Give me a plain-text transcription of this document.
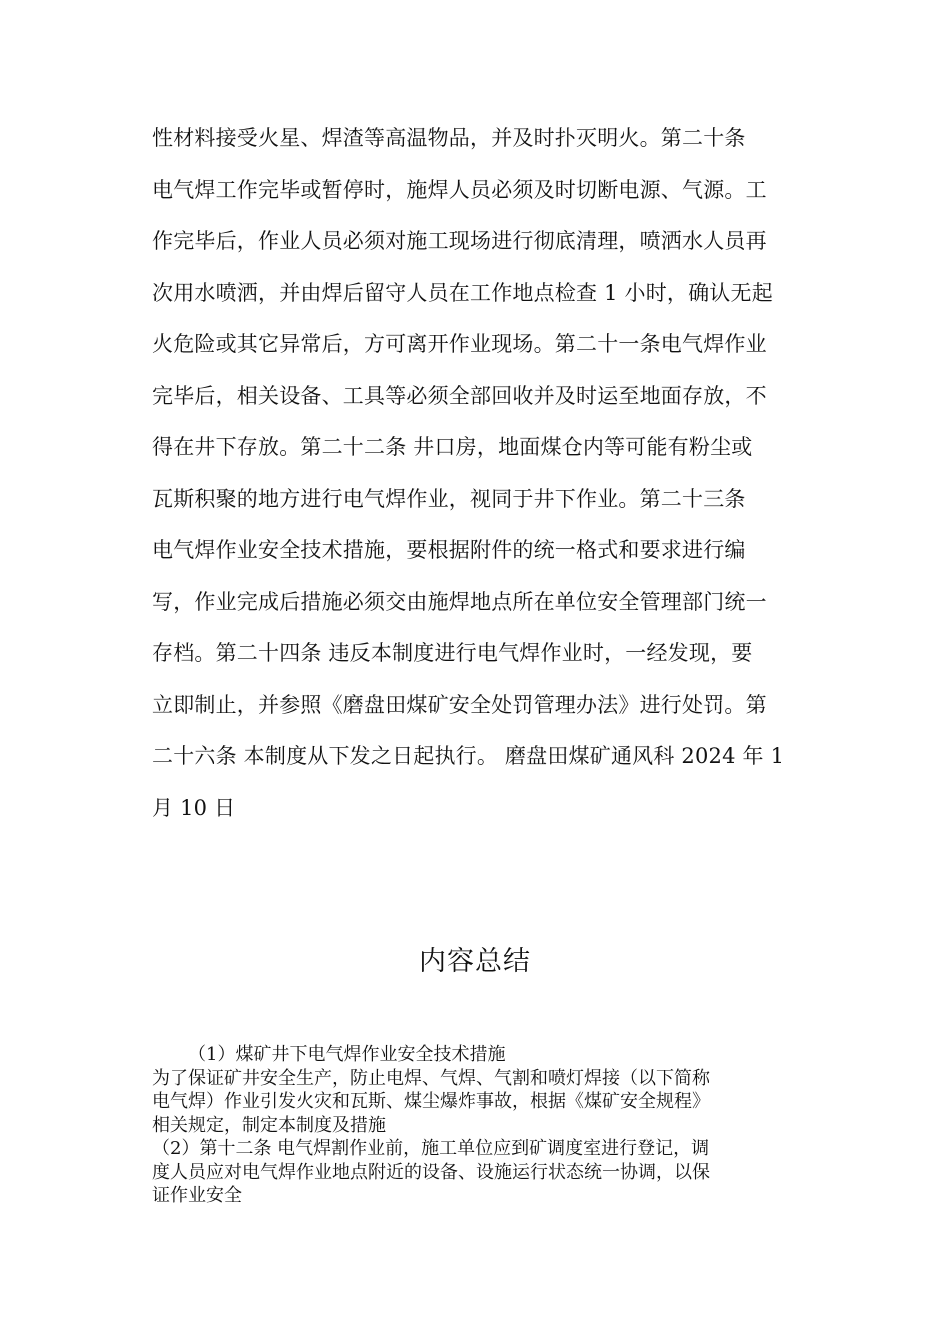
性材料接受火星、焊渣等高温物品，并及时扑灭明火。第二十条
电气焊工作完毕或暂停时，施焊人员必须及时切断电源、气源。工
作完毕后，作业人员必须对施工现场进行彻底清理，喷洒水人员再
次用水喷洒，并由焊后留守人员在工作地点检查 1 小时，确认无起
火危险或其它异常后，方可离开作业现场。第二十一条电气焊作业
完毕后，相关设备、工具等必须全部回收并及时运至地面存放，不
得在井下存放。第二十二条 井口房，地面煤仓内等可能有粉尘或
瓦斯积聚的地方进行电气焊作业，视同于井下作业。第二十三条
电气焊作业安全技术措施，要根据附件的统一格式和要求进行编
写，作业完成后措施必须交由施焊地点所在单位安全管理部门统一
存档。第二十四条 违反本制度进行电气焊作业时，一经发现，要
立即制止，并参照《磨盘田煤矿安全处罚管理办法》进行处罚。第
二十六条 本制度从下发之日起执行。 磨盘田煤矿通风科 2024 年 1
月 10 日
内容总结
（1）煤矿井下电气焊作业安全技术措施
为了保证矿井安全生产，防止电焊、气焊、气割和喷灯焊接（以下简称
电气焊）作业引发火灾和瓦斯、煤尘爆炸事故，根据《煤矿安全规程》
相关规定，制定本制度及措施
（2）第十二条 电气焊割作业前，施工单位应到矿调度室进行登记，调
度人员应对电气焊作业地点附近的设备、设施运行状态统一协调，以保
证作业安全
